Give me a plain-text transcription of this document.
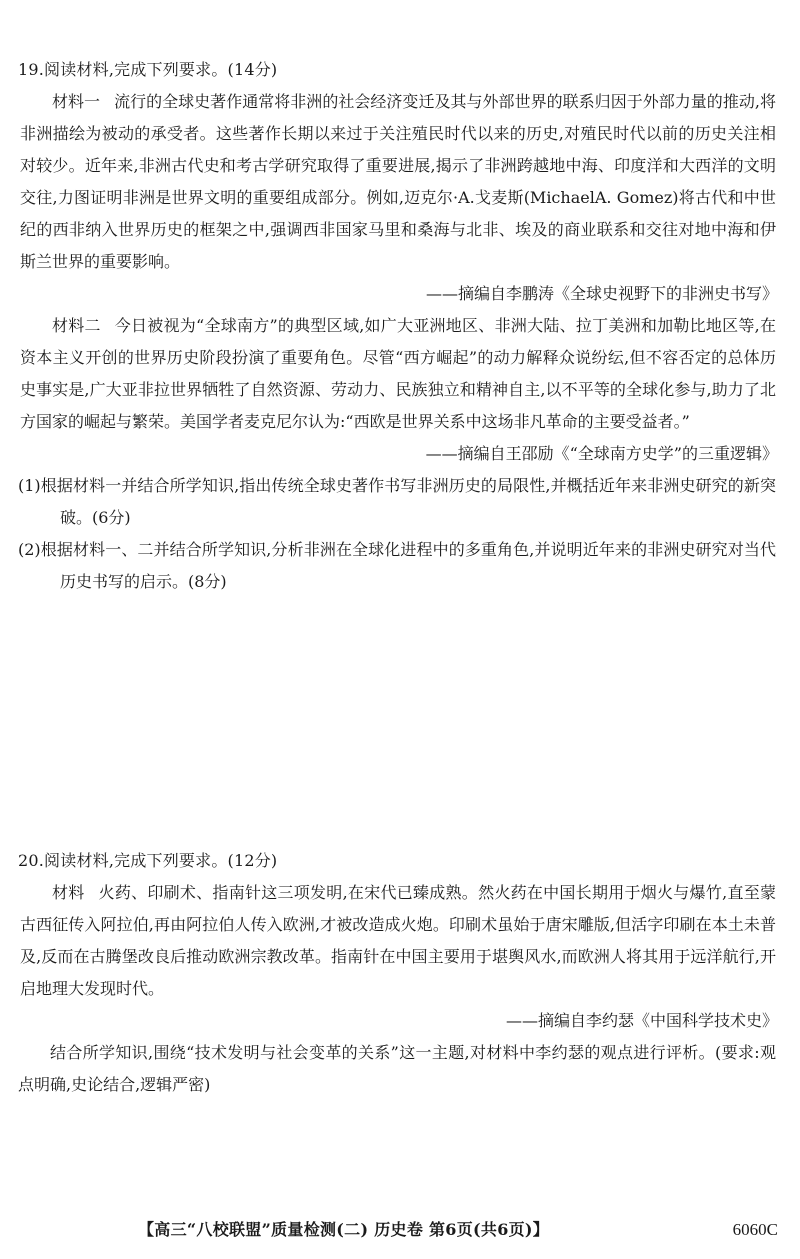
19.阅读材料,完成下列要求。(14分)

材料一 流行的全球史著作通常将非洲的社会经济变迁及其与外部世界的联系归因于外部力量的推动,将非洲描绘为被动的承受者。这些著作长期以来过于关注殖民时代以来的历史,对殖民时代以前的历史关注相对较少。近年来,非洲古代史和考古学研究取得了重要进展,揭示了非洲跨越地中海、印度洋和大西洋的文明交往,力图证明非洲是世界文明的重要组成部分。例如,迈克尔·A.戈麦斯(MichaelA. Gomez)将古代和中世纪的西非纳入世界历史的框架之中,强调西非国家马里和桑海与北非、埃及的商业联系和交往对地中海和伊斯兰世界的重要影响。

——摘编自李鹏涛《全球史视野下的非洲史书写》

材料二 今日被视为“全球南方”的典型区域,如广大亚洲地区、非洲大陆、拉丁美洲和加勒比地区等,在资本主义开创的世界历史阶段扮演了重要角色。尽管“西方崛起”的动力解释众说纷纭,但不容否定的总体历史事实是,广大亚非拉世界牺牲了自然资源、劳动力、民族独立和精神自主,以不平等的全球化参与,助力了北方国家的崛起与繁荣。美国学者麦克尼尔认为:“西欧是世界关系中这场非凡革命的主要受益者。”

——摘编自王邵励《“全球南方史学”的三重逻辑》

(1)根据材料一并结合所学知识,指出传统全球史著作书写非洲历史的局限性,并概括近年来非洲史研究的新突破。(6分)

(2)根据材料一、二并结合所学知识,分析非洲在全球化进程中的多重角色,并说明近年来的非洲史研究对当代历史书写的启示。(8分)

20.阅读材料,完成下列要求。(12分)

材料 火药、印刷术、指南针这三项发明,在宋代已臻成熟。然火药在中国长期用于烟火与爆竹,直至蒙古西征传入阿拉伯,再由阿拉伯人传入欧洲,才被改造成火炮。印刷术虽始于唐宋雕版,但活字印刷在本土未普及,反而在古腾堡改良后推动欧洲宗教改革。指南针在中国主要用于堪舆风水,而欧洲人将其用于远洋航行,开启地理大发现时代。

——摘编自李约瑟《中国科学技术史》

结合所学知识,围绕“技术发明与社会变革的关系”这一主题,对材料中李约瑟的观点进行评析。(要求:观点明确,史论结合,逻辑严密)

【高三“八校联盟”质量检测(二) 历史卷 第6页(共6页)】	6060C
